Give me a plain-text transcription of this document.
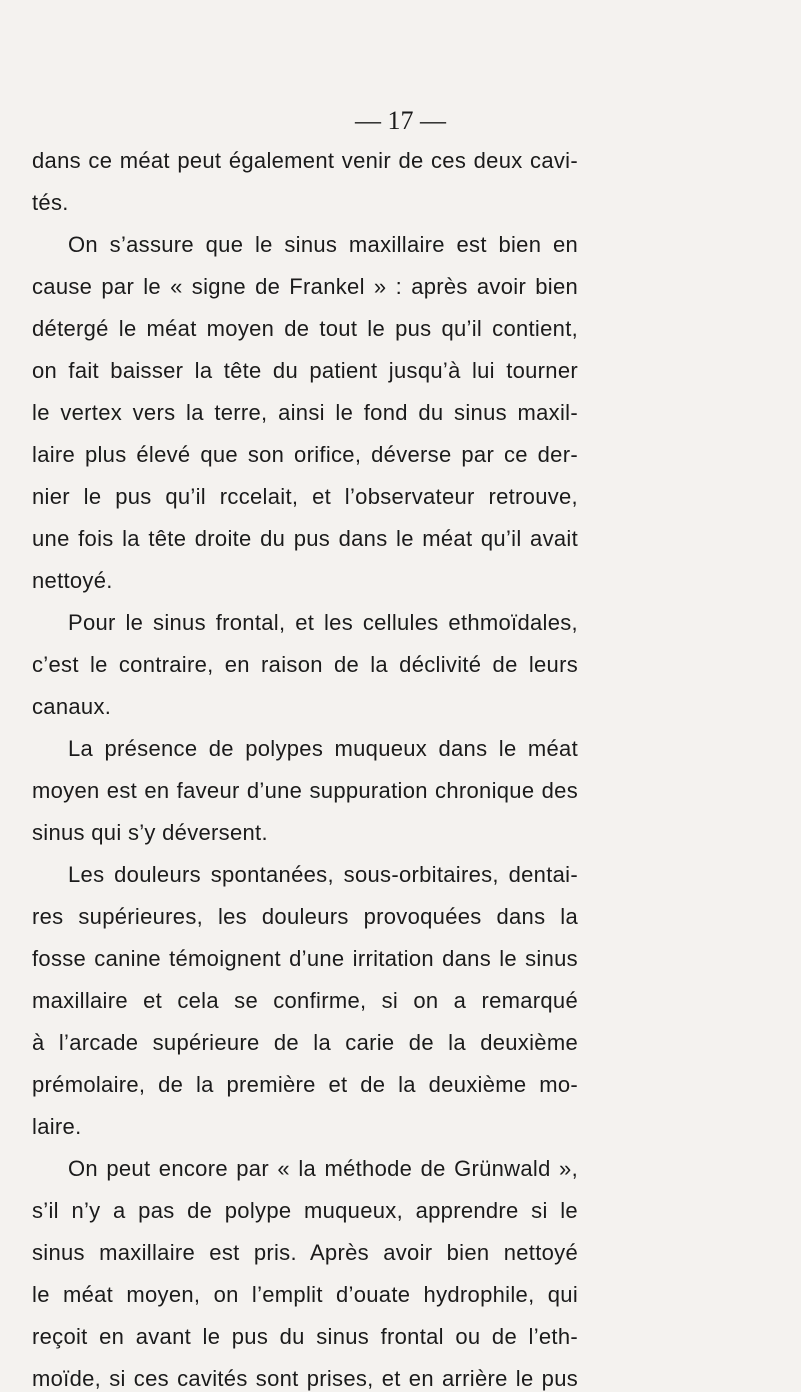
— 17 —

dans ce méat peut également venir de ces deux cavi-

tés.

On s’assure que le sinus maxillaire est bien en

cause par le « signe de Frankel » : après avoir bien

détergé le méat moyen de tout le pus qu’il contient,

on fait baisser la tête du patient jusqu’à lui tourner

le vertex vers la terre, ainsi le fond du sinus maxil-

laire plus élevé que son orifice, déverse par ce der-

nier le pus qu’il rccelait, et l’observateur retrouve,

une fois la tête droite du pus dans le méat qu’il avait

nettoyé.

Pour le sinus frontal, et les cellules ethmoïdales,

c’est le contraire, en raison de la déclivité de leurs

canaux.

La présence de polypes muqueux dans le méat

moyen est en faveur d’une suppuration chronique des

sinus qui s’y déversent.

Les douleurs spontanées, sous-orbitaires, dentai-

res supérieures, les douleurs provoquées dans la

fosse canine témoignent d’une irritation dans le sinus

maxillaire et cela se confirme, si on a remarqué

à l’arcade supérieure de la carie de la deuxième

prémolaire, de la première et de la deuxième mo-

laire.

On peut encore par « la méthode de Grünwald »,

s’il n’y a pas de polype muqueux, apprendre si le

sinus maxillaire est pris. Après avoir bien nettoyé

le méat moyen, on l’emplit d’ouate hydrophile, qui

reçoit en avant le pus du sinus frontal ou de l’eth-

moïde, si ces cavités sont prises, et en arrière le pus
